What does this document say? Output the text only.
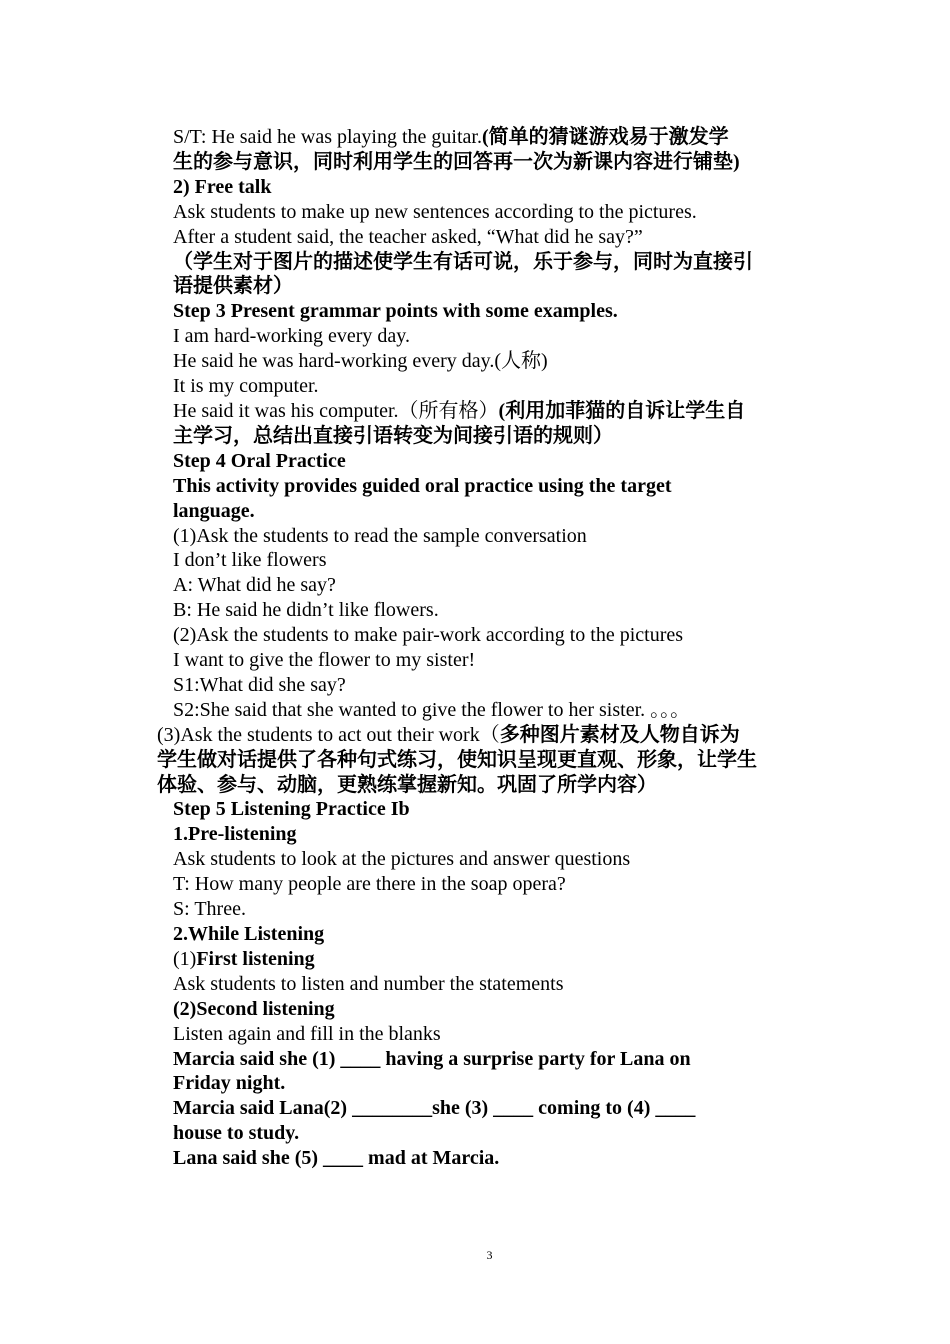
S/T: He said he was playing the guitar.(简单的猜谜游戏易于激发学
生的参与意识，同时利用学生的回答再一次为新课内容进行铺垫)
2) Free talk
Ask students to make up new sentences according to the pictures.
After a student said, the teacher asked, “What did he say?”
（学生对于图片的描述使学生有话可说，乐于参与，同时为直接引
语提供素材）
Step 3 Present grammar points with some examples.
I am hard-working every day.
He said he was hard-working every day.(人称)
It is my computer.
He said it was his computer.（所有格）(利用加菲猫的自诉让学生自
主学习，总结出直接引语转变为间接引语的规则）
Step 4 Oral Practice
This activity provides guided oral practice using the target
language.
(1)Ask the students to read the sample conversation
I don’t like flowers
A: What did he say?
B: He said he didn’t like flowers.
(2)Ask the students to make pair-work according to the pictures
I want to give the flower to my sister!
S1:What did she say?
S2:She said that she wanted to give the flower to her sister. 。。。
(3)Ask the students to act out their work（多种图片素材及人物自诉为
学生做对话提供了各种句式练习，使知识呈现更直观、形象，让学生
体验、参与、动脑，更熟练掌握新知。巩固了所学内容）
Step 5 Listening Practice Ib
1.Pre-listening
Ask students to look at the pictures and answer questions
T: How many people are there in the soap opera?
S: Three.
2.While Listening
(1)First listening
Ask students to listen and number the statements
(2)Second listening
Listen again and fill in the blanks
Marcia said she (1) ____ having a surprise party for Lana on
Friday night.
Marcia said Lana(2) ________she (3) ____ coming to (4) ____
house to study.
Lana said she (5) ____ mad at Marcia.
3
